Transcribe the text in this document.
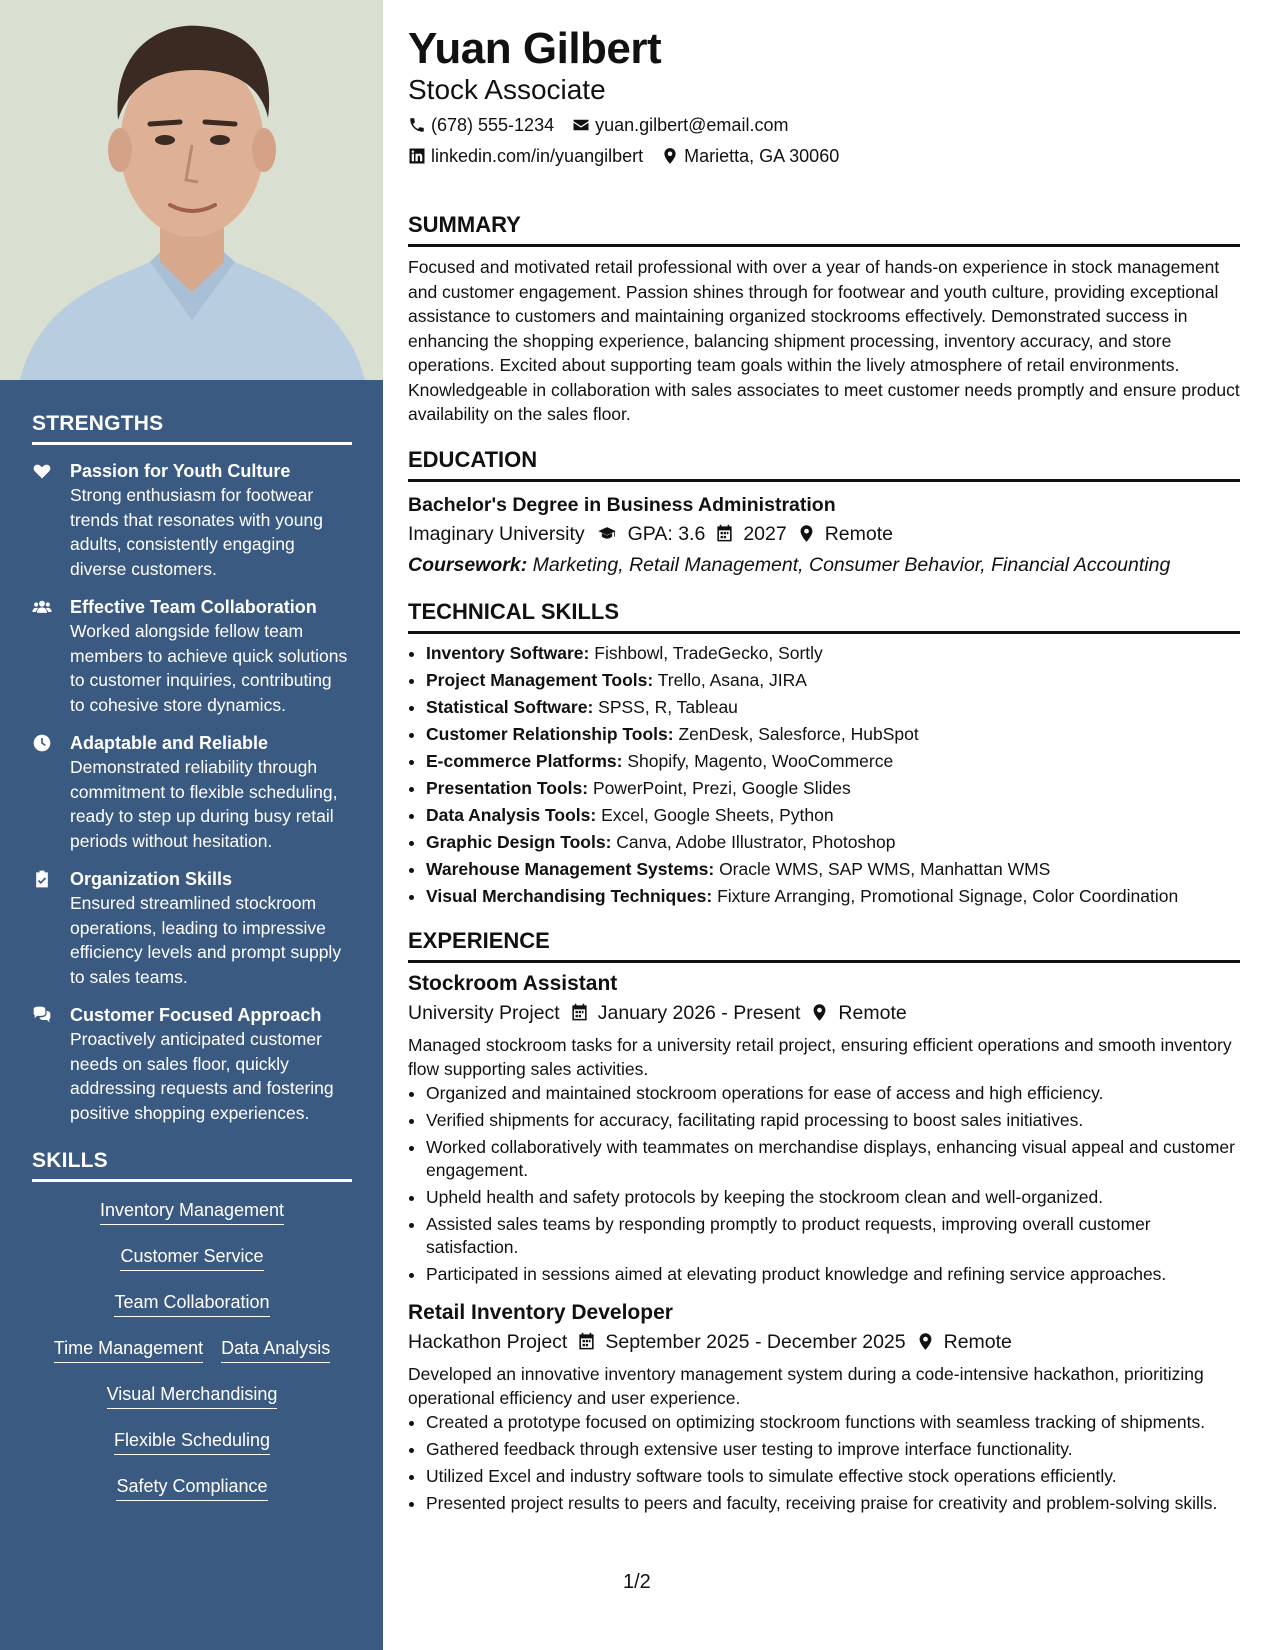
STRENGTHS
Passion for Youth Culture
Strong enthusiasm for footwear trends that resonates with young adults, consistently engaging diverse customers.
Effective Team Collaboration
Worked alongside fellow team members to achieve quick solutions to customer inquiries, contributing to cohesive store dynamics.
Adaptable and Reliable
Demonstrated reliability through commitment to flexible scheduling, ready to step up during busy retail periods without hesitation.
Organization Skills
Ensured streamlined stockroom operations, leading to impressive efficiency levels and prompt supply to sales teams.
Customer Focused Approach
Proactively anticipated customer needs on sales floor, quickly addressing requests and fostering positive shopping experiences.
SKILLS
Inventory Management
Customer Service
Team Collaboration
Time Management Data Analysis
Visual Merchandising
Flexible Scheduling
Safety Compliance
Yuan Gilbert
Stock Associate
(678) 555-1234 yuan.gilbert@email.com
linkedin.com/in/yuangilbert Marietta, GA 30060
SUMMARY
Focused and motivated retail professional with over a year of hands-on experience in stock management and customer engagement. Passion shines through for footwear and youth culture, providing exceptional assistance to customers and maintaining organized stockrooms effectively. Demonstrated success in enhancing the shopping experience, balancing shipment processing, inventory accuracy, and store operations. Excited about supporting team goals within the lively atmosphere of retail environments. Knowledgeable in collaboration with sales associates to meet customer needs promptly and ensure product availability on the sales floor.
EDUCATION
Bachelor's Degree in Business Administration
Imaginary University GPA: 3.6 2027 Remote
Coursework: Marketing, Retail Management, Consumer Behavior, Financial Accounting
TECHNICAL SKILLS
• Inventory Software: Fishbowl, TradeGecko, Sortly
• Project Management Tools: Trello, Asana, JIRA
• Statistical Software: SPSS, R, Tableau
• Customer Relationship Tools: ZenDesk, Salesforce, HubSpot
• E-commerce Platforms: Shopify, Magento, WooCommerce
• Presentation Tools: PowerPoint, Prezi, Google Slides
• Data Analysis Tools: Excel, Google Sheets, Python
• Graphic Design Tools: Canva, Adobe Illustrator, Photoshop
• Warehouse Management Systems: Oracle WMS, SAP WMS, Manhattan WMS
• Visual Merchandising Techniques: Fixture Arranging, Promotional Signage, Color Coordination
EXPERIENCE
Stockroom Assistant
University Project January 2026 - Present Remote
Managed stockroom tasks for a university retail project, ensuring efficient operations and smooth inventory flow supporting sales activities.
• Organized and maintained stockroom operations for ease of access and high efficiency.
• Verified shipments for accuracy, facilitating rapid processing to boost sales initiatives.
• Worked collaboratively with teammates on merchandise displays, enhancing visual appeal and customer engagement.
• Upheld health and safety protocols by keeping the stockroom clean and well-organized.
• Assisted sales teams by responding promptly to product requests, improving overall customer satisfaction.
• Participated in sessions aimed at elevating product knowledge and refining service approaches.
Retail Inventory Developer
Hackathon Project September 2025 - December 2025 Remote
Developed an innovative inventory management system during a code-intensive hackathon, prioritizing operational efficiency and user experience.
• Created a prototype focused on optimizing stockroom functions with seamless tracking of shipments.
• Gathered feedback through extensive user testing to improve interface functionality.
• Utilized Excel and industry software tools to simulate effective stock operations efficiently.
• Presented project results to peers and faculty, receiving praise for creativity and problem-solving skills.
1/2
